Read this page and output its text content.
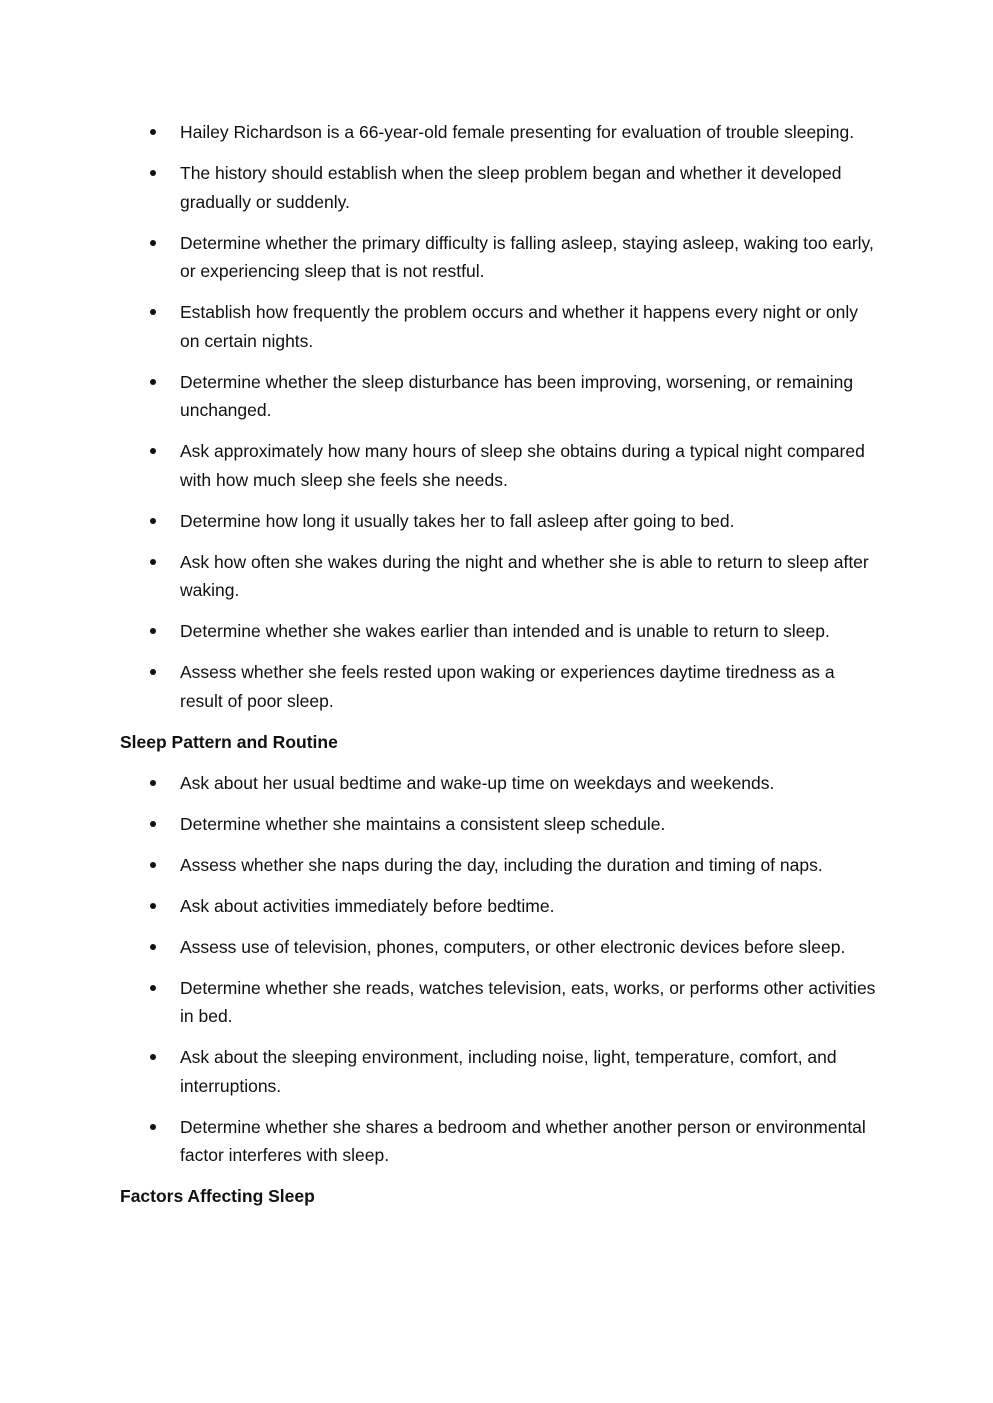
Hailey Richardson is a 66-year-old female presenting for evaluation of trouble sleeping.
The history should establish when the sleep problem began and whether it developed gradually or suddenly.
Determine whether the primary difficulty is falling asleep, staying asleep, waking too early, or experiencing sleep that is not restful.
Establish how frequently the problem occurs and whether it happens every night or only on certain nights.
Determine whether the sleep disturbance has been improving, worsening, or remaining unchanged.
Ask approximately how many hours of sleep she obtains during a typical night compared with how much sleep she feels she needs.
Determine how long it usually takes her to fall asleep after going to bed.
Ask how often she wakes during the night and whether she is able to return to sleep after waking.
Determine whether she wakes earlier than intended and is unable to return to sleep.
Assess whether she feels rested upon waking or experiences daytime tiredness as a result of poor sleep.
Sleep Pattern and Routine
Ask about her usual bedtime and wake-up time on weekdays and weekends.
Determine whether she maintains a consistent sleep schedule.
Assess whether she naps during the day, including the duration and timing of naps.
Ask about activities immediately before bedtime.
Assess use of television, phones, computers, or other electronic devices before sleep.
Determine whether she reads, watches television, eats, works, or performs other activities in bed.
Ask about the sleeping environment, including noise, light, temperature, comfort, and interruptions.
Determine whether she shares a bedroom and whether another person or environmental factor interferes with sleep.
Factors Affecting Sleep
